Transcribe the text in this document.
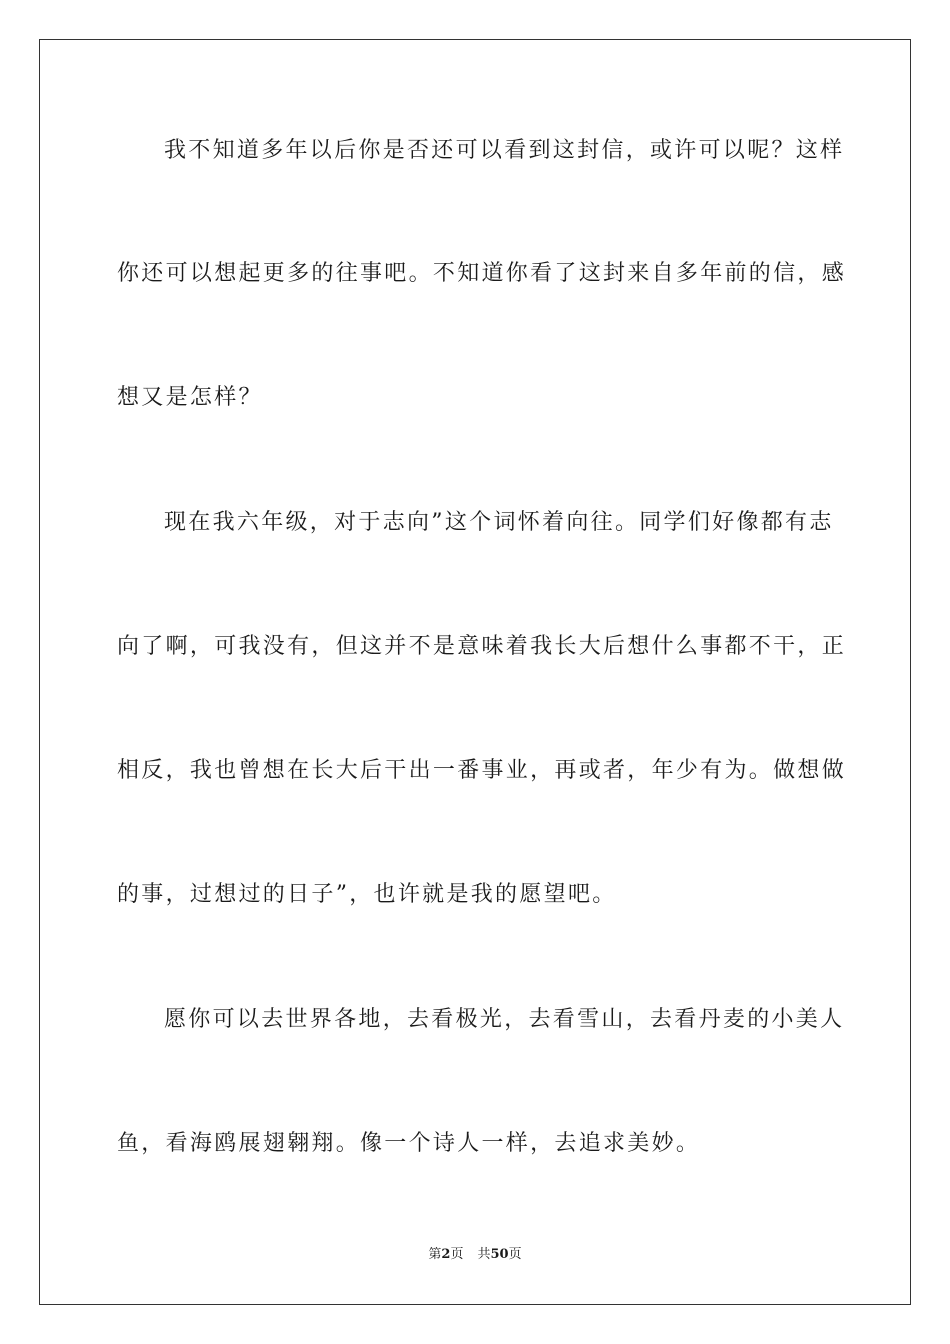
我不知道多年以后你是否还可以看到这封信，或许可以呢？这样
你还可以想起更多的往事吧。不知道你看了这封来自多年前的信，感
想又是怎样？
现在我六年级，对于志向”这个词怀着向往。同学们好像都有志
向了啊，可我没有，但这并不是意味着我长大后想什么事都不干，正
相反，我也曾想在长大后干出一番事业，再或者，年少有为。做想做
的事，过想过的日子”，也许就是我的愿望吧。
愿你可以去世界各地，去看极光，去看雪山，去看丹麦的小美人
鱼，看海鸥展翅翱翔。像一个诗人一样，去追求美妙。
第2页 共50页
